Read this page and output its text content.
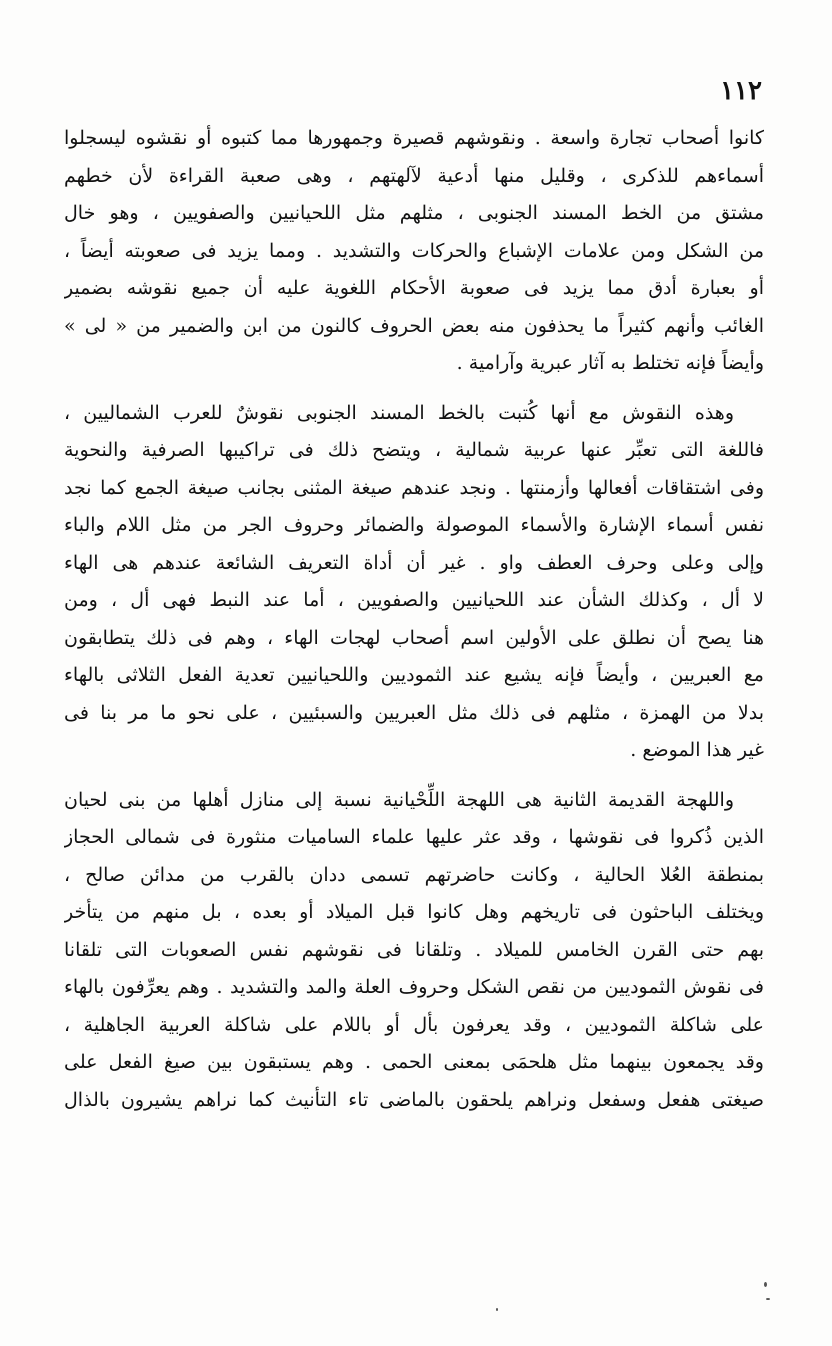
١١٢
كانوا أصحاب تجارة واسعة . ونقوشهم قصيرة وجمهورها مما كتبوه أو نقشوه ليسجلوا
أسماءهم للذكرى ، وقليل منها أدعية لآلهتهم ، وهى صعبة القراءة لأن خطهم
مشتق من الخط المسند الجنوبى ، مثلهم مثل اللحيانيين والصفويين ، وهو خال
من الشكل ومن علامات الإشباع والحركات والتشديد . ومما يزيد فى صعوبته أيضاً ،
أو بعبارة أدق مما يزيد فى صعوبة الأحكام اللغوية عليه أن جميع نقوشه بضمير
الغائب وأنهم كثيراً ما يحذفون منه بعض الحروف كالنون من ابن والضمير من « لى »
وأيضاً فإنه تختلط به آثار عبرية وآرامية .
وهذه النقوش مع أنها كُتبت بالخط المسند الجنوبى نقوشٌ للعرب الشماليين ،
فاللغة التى تعبِّر عنها عربية شمالية ، ويتضح ذلك فى تراكيبها الصرفية والنحوية
وفى اشتقاقات أفعالها وأزمنتها . ونجد عندهم صيغة المثنى بجانب صيغة الجمع كما نجد
نفس أسماء الإشارة والأسماء الموصولة والضمائر وحروف الجر من مثل اللام والباء
وإلى وعلى وحرف العطف واو . غير أن أداة التعريف الشائعة عندهم هى الهاء
لا أل ، وكذلك الشأن عند اللحيانيين والصفويين ، أما عند النبط فهى أل ، ومن
هنا يصح أن نطلق على الأولين اسم أصحاب لهجات الهاء ، وهم فى ذلك يتطابقون
مع العبريين ، وأيضاً فإنه يشيع عند الثموديين واللحيانيين تعدية الفعل الثلاثى بالهاء
بدلا من الهمزة ، مثلهم فى ذلك مثل العبريين والسبئيين ، على نحو ما مر بنا فى
غير هذا الموضع .
واللهجة القديمة الثانية هى اللهجة اللِّحْيانية نسبة إلى منازل أهلها من بنى لحيان
الذين ذُكروا فى نقوشها ، وقد عثر عليها علماء الساميات منثورة فى شمالى الحجاز
بمنطقة العُلا الحالية ، وكانت حاضرتهم تسمى ددان بالقرب من مدائن صالح ،
ويختلف الباحثون فى تاريخهم وهل كانوا قبل الميلاد أو بعده ، بل منهم من يتأخر
بهم حتى القرن الخامس للميلاد . وتلقانا فى نقوشهم نفس الصعوبات التى تلقانا
فى نقوش الثموديين من نقص الشكل وحروف العلة والمد والتشديد . وهم يعرِّفون بالهاء
على شاكلة الثموديين ، وقد يعرفون بأل أو باللام على شاكلة العربية الجاهلية ،
وقد يجمعون بينهما مثل هلحمَى بمعنى الحمى . وهم يستبقون بين صيغ الفعل على
صيغتى هفعل وسفعل ونراهم يلحقون بالماضى تاء التأنيث كما نراهم يشيرون بالذال
